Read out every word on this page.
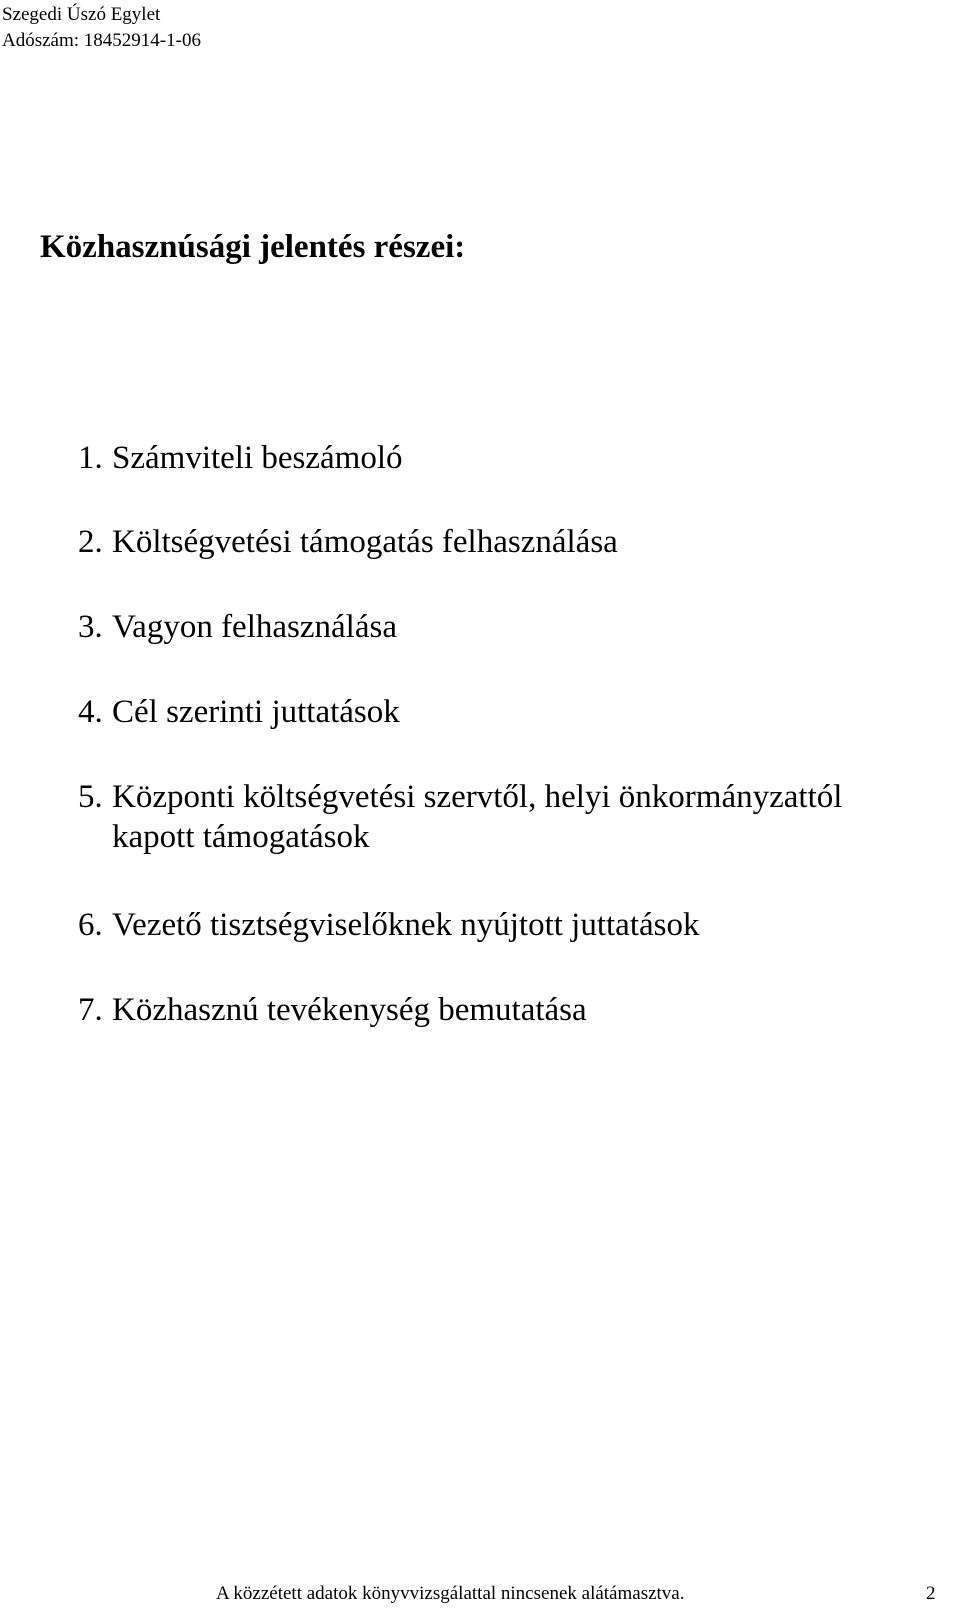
Szegedi Úszó Egylet
Adószám: 18452914-1-06
Közhasznúsági jelentés részei:
1. Számviteli beszámoló
2. Költségvetési támogatás felhasználása
3. Vagyon felhasználása
4. Cél szerinti juttatások
5. Központi költségvetési szervtől, helyi önkormányzattól
kapott támogatások
6. Vezető tisztségviselőknek nyújtott juttatások
7. Közhasznú tevékenység bemutatása
A közzétett adatok könyvvizsgálattal nincsenek alátámasztva.	2
